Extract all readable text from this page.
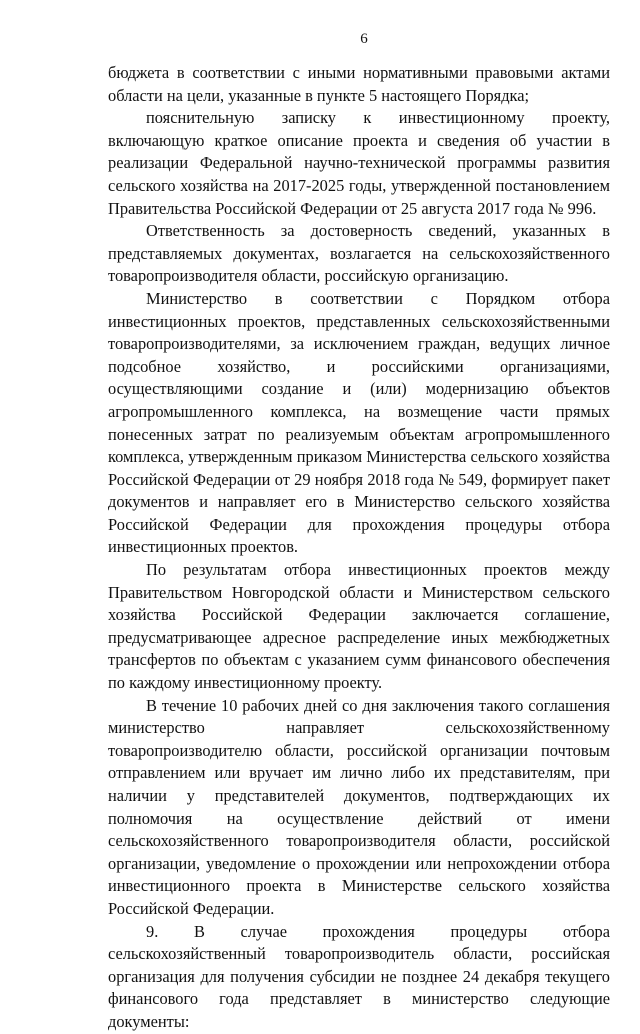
6

бюджета в соответствии с иными нормативными правовыми актами области на цели, указанные в пункте 5 настоящего Порядка;

пояснительную записку к инвестиционному проекту, включающую краткое описание проекта и сведения об участии в реализации Федеральной научно-технической программы развития сельского хозяйства на 2017-2025 годы, утвержденной постановлением Правительства Российской Федерации от 25 августа 2017 года № 996.

Ответственность за достоверность сведений, указанных в представляемых документах, возлагается на сельскохозяйственного товаропроизводителя области, российскую организацию.

Министерство в соответствии с Порядком отбора инвестиционных проектов, представленных сельскохозяйственными товаропроизводителями, за исключением граждан, ведущих личное подсобное хозяйство, и российскими организациями, осуществляющими создание и (или) модернизацию объектов агропромышленного комплекса, на возмещение части прямых понесенных затрат по реализуемым объектам агропромышленного комплекса, утвержденным приказом Министерства сельского хозяйства Российской Федерации от 29 ноября 2018 года № 549, формирует пакет документов и направляет его в Министерство сельского хозяйства Российской Федерации для прохождения процедуры отбора инвестиционных проектов.

По результатам отбора инвестиционных проектов между Правительством Новгородской области и Министерством сельского хозяйства Российской Федерации заключается соглашение, предусматривающее адресное распределение иных межбюджетных трансфертов по объектам с указанием сумм финансового обеспечения по каждому инвестиционному проекту.

В течение 10 рабочих дней со дня заключения такого соглашения министерство направляет сельскохозяйственному товаропроизводителю области, российской организации почтовым отправлением или вручает им лично либо их представителям, при наличии у представителей документов, подтверждающих их полномочия на осуществление действий от имени сельскохозяйственного товаропроизводителя области, российской организации, уведомление о прохождении или непрохождении отбора инвестиционного проекта в Министерстве сельского хозяйства Российской Федерации.

9. В случае прохождения процедуры отбора сельскохозяйственный товаропроизводитель области, российская организация для получения субсидии не позднее 24 декабря текущего финансового года представляет в министерство следующие документы:
